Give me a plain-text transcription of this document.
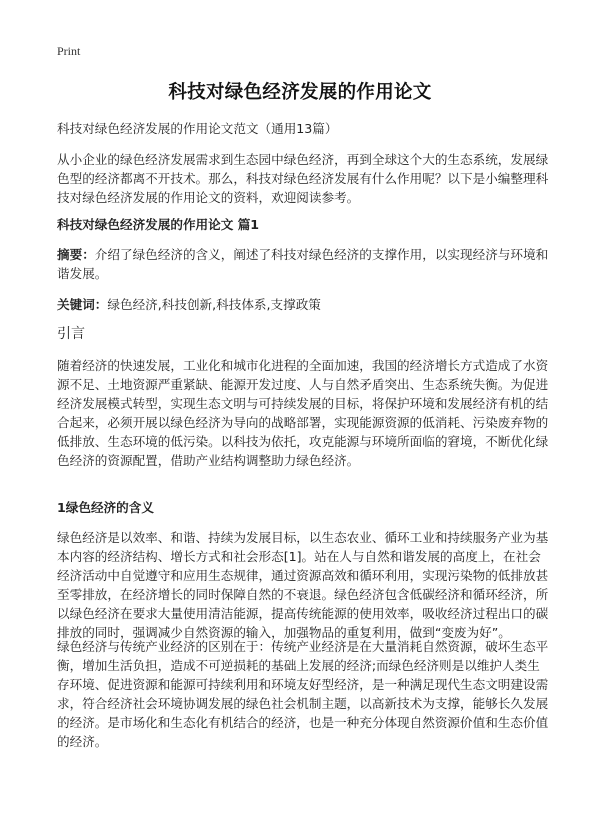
Print
科技对绿色经济发展的作用论文
科技对绿色经济发展的作用论文范文（通用13篇）
从小企业的绿色经济发展需求到生态园中绿色经济，再到全球这个大的生态系统，发展绿色型的经济都离不开技术。那么，科技对绿色经济发展有什么作用呢？以下是小编整理科技对绿色经济发展的作用论文的资料，欢迎阅读参考。
科技对绿色经济发展的作用论文 篇1
摘要：介绍了绿色经济的含义，阐述了科技对绿色经济的支撑作用，以实现经济与环境和谐发展。
关键词：绿色经济,科技创新,科技体系,支撑政策
引言
随着经济的快速发展，工业化和城市化进程的全面加速，我国的经济增长方式造成了水资源不足、土地资源严重紧缺、能源开发过度、人与自然矛盾突出、生态系统失衡。为促进经济发展模式转型，实现生态文明与可持续发展的目标，将保护环境和发展经济有机的结合起来，必须开展以绿色经济为导向的战略部署，实现能源资源的低消耗、污染废弃物的低排放、生态环境的低污染。以科技为依托，攻克能源与环境所面临的窘境，不断优化绿色经济的资源配置，借助产业结构调整助力绿色经济。
1绿色经济的含义
绿色经济是以效率、和谐、持续为发展目标，以生态农业、循环工业和持续服务产业为基本内容的经济结构、增长方式和社会形态[1]。站在人与自然和谐发展的高度上，在社会经济活动中自觉遵守和应用生态规律，通过资源高效和循环利用，实现污染物的低排放甚至零排放，在经济增长的同时保障自然的不衰退。绿色经济包含低碳经济和循环经济，所以绿色经济在要求大量使用清洁能源，提高传统能源的使用效率，吸收经济过程出口的碳排放的同时，强调减少自然资源的输入，加强物品的重复利用，做到“变废为好”。
绿色经济与传统产业经济的区别在于：传统产业经济是在大量消耗自然资源，破坏生态平衡，增加生活负担，造成不可逆损耗的基础上发展的经济;而绿色经济则是以维护人类生存环境、促进资源和能源可持续利用和环境友好型经济，是一种满足现代生态文明建设需求，符合经济社会环境协调发展的绿色社会机制主题，以高新技术为支撑，能够长久发展的经济。是市场化和生态化有机结合的经济，也是一种充分体现自然资源价值和生态价值的经济。
